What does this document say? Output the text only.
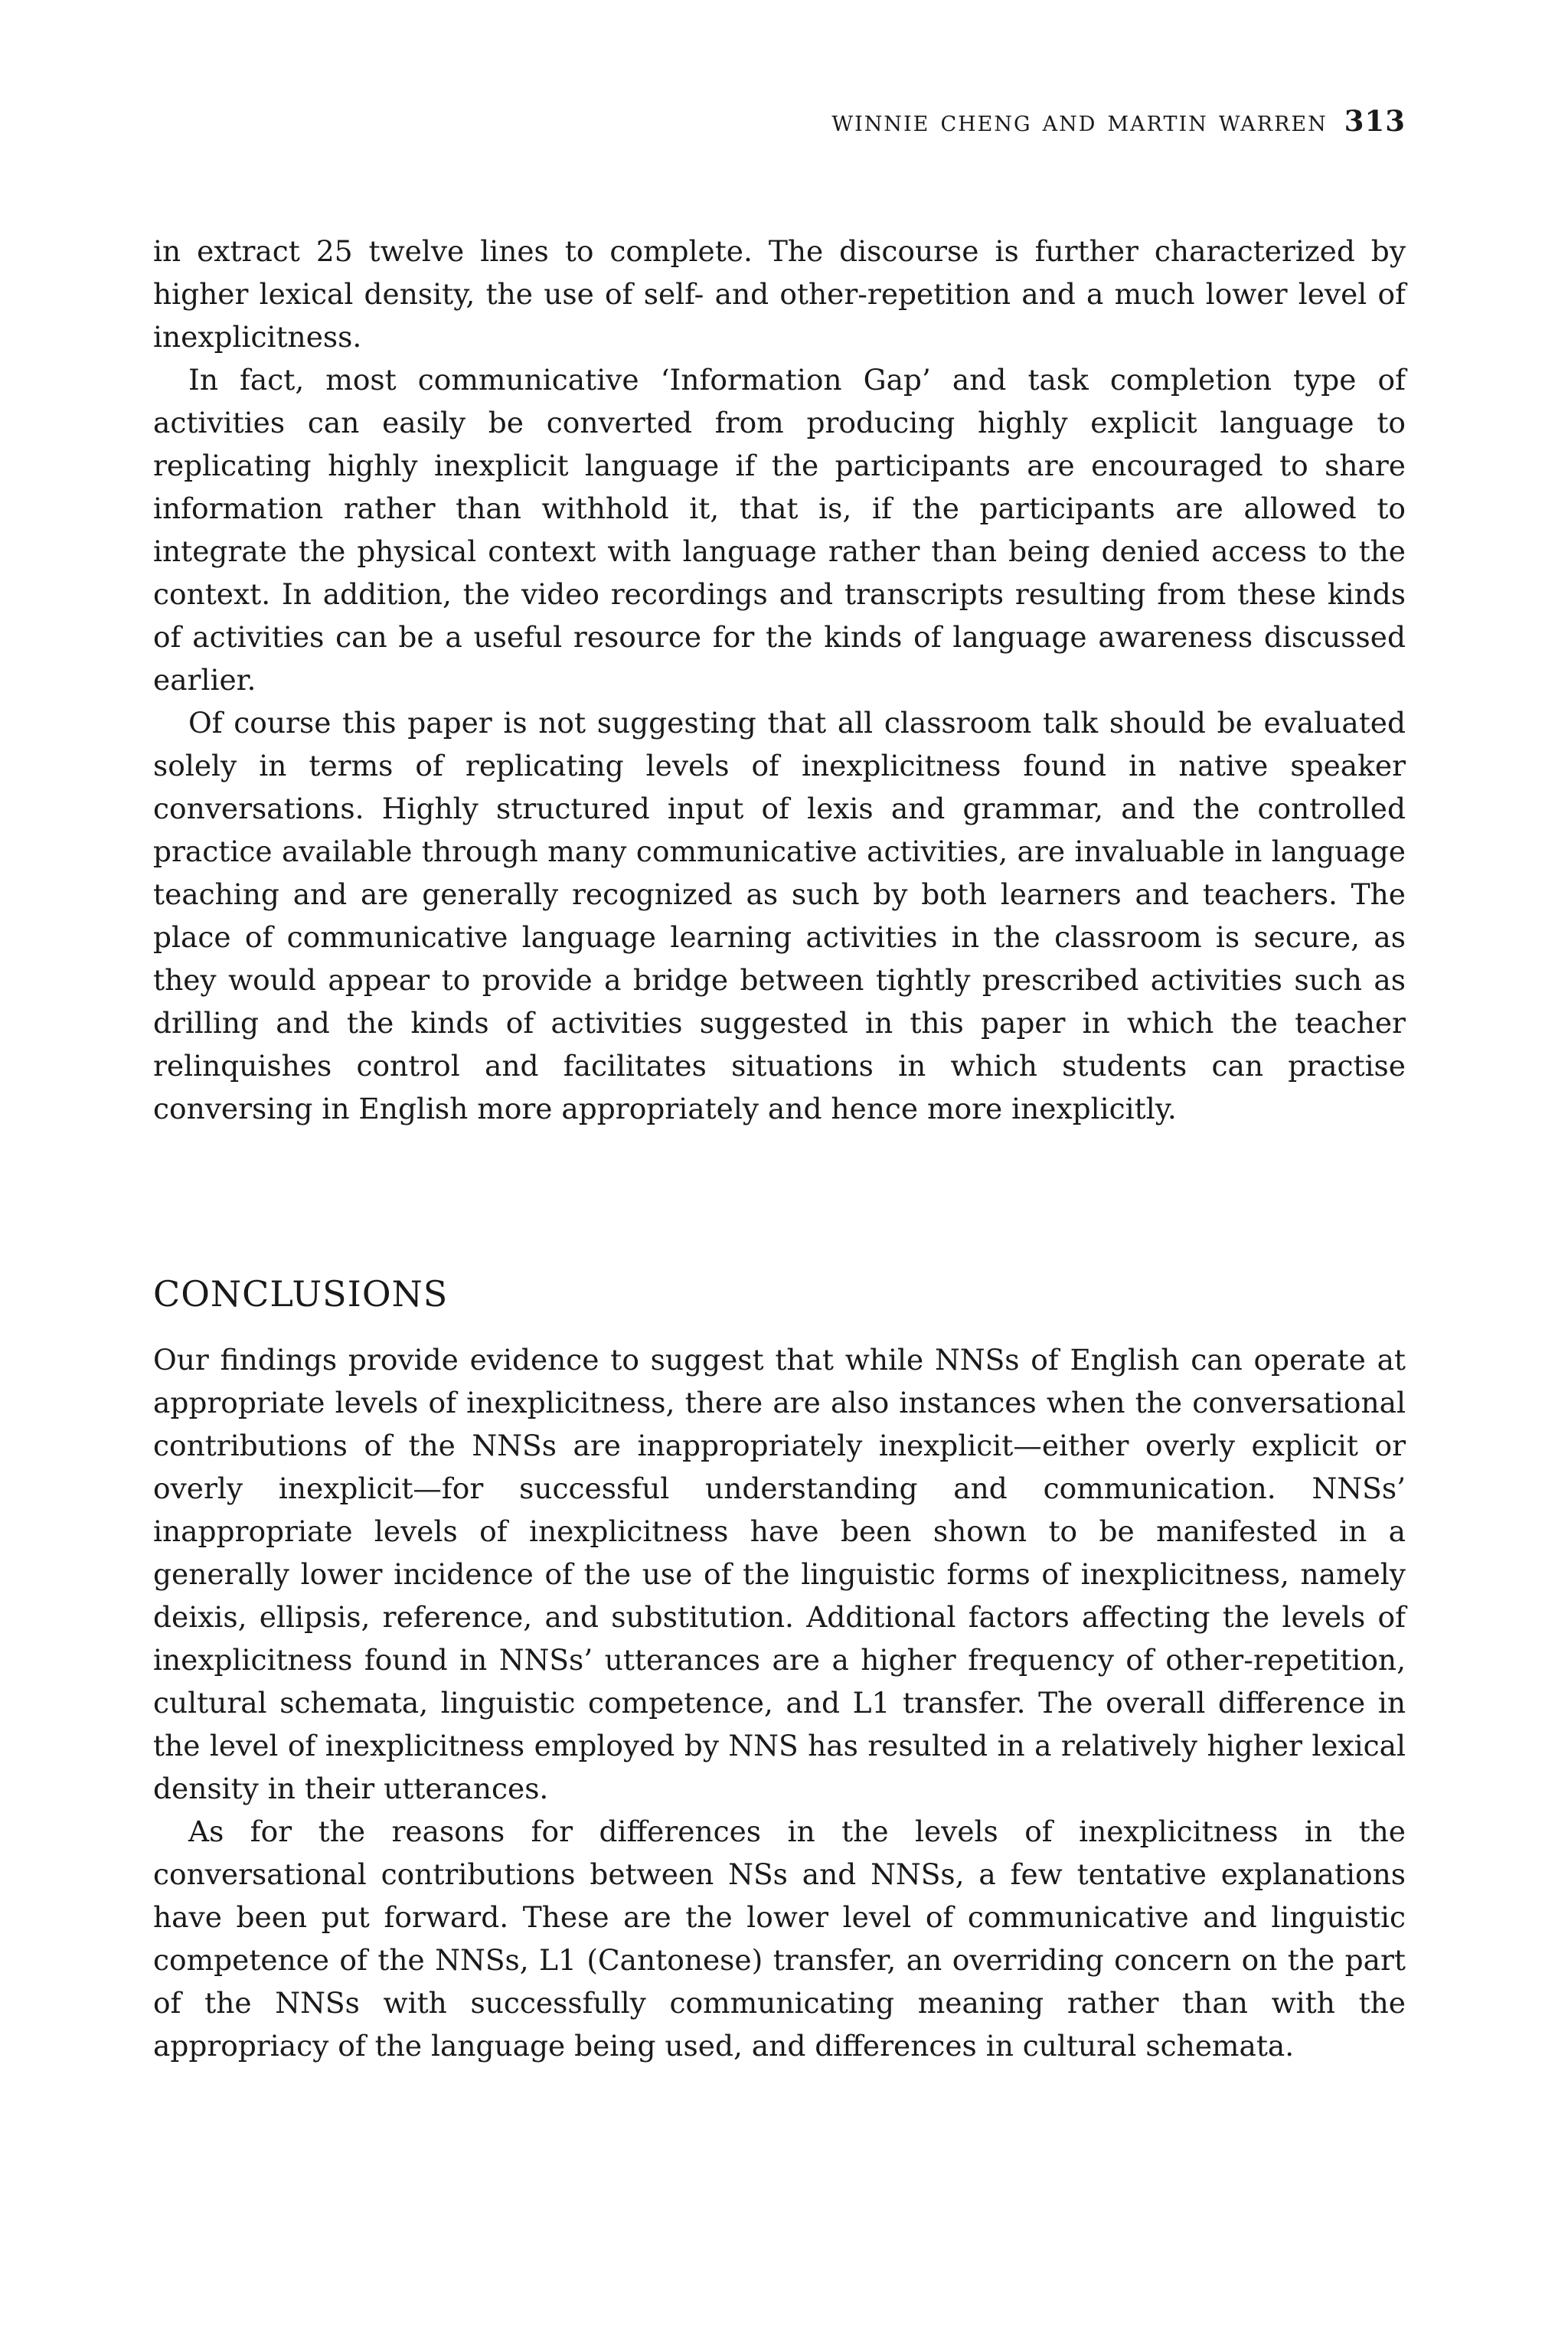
winnie cheng and martin warren 313

in extract 25 twelve lines to complete. The discourse is further characterized by higher lexical density, the use of self- and other-repetition and a much lower level of inexplicitness.

In fact, most communicative ‘Information Gap’ and task completion type of activities can easily be converted from producing highly explicit language to replicating highly inexplicit language if the participants are encouraged to share information rather than withhold it, that is, if the participants are allowed to integrate the physical context with language rather than being denied access to the context. In addition, the video recordings and transcripts resulting from these kinds of activities can be a useful resource for the kinds of language awareness discussed earlier.

Of course this paper is not suggesting that all classroom talk should be evaluated solely in terms of replicating levels of inexplicitness found in native speaker conversations. Highly structured input of lexis and grammar, and the controlled practice available through many communicative activities, are invaluable in language teaching and are generally recognized as such by both learners and teachers. The place of communicative language learning activities in the classroom is secure, as they would appear to provide a bridge between tightly prescribed activities such as drilling and the kinds of activities suggested in this paper in which the teacher relinquishes control and facilitates situations in which students can practise conversing in English more appropriately and hence more inexplicitly.

CONCLUSIONS

Our findings provide evidence to suggest that while NNSs of English can operate at appropriate levels of inexplicitness, there are also instances when the conversational contributions of the NNSs are inappropriately inexplicit—either overly explicit or overly inexplicit—for successful understanding and communication. NNSs’ inappropriate levels of inexplicitness have been shown to be manifested in a generally lower incidence of the use of the linguistic forms of inexplicitness, namely deixis, ellipsis, reference, and substitution. Additional factors affecting the levels of inexplicitness found in NNSs’ utterances are a higher frequency of other-repetition, cultural schemata, linguistic competence, and L1 transfer. The overall difference in the level of inexplicitness employed by NNS has resulted in a relatively higher lexical density in their utterances.

As for the reasons for differences in the levels of inexplicitness in the conversational contributions between NSs and NNSs, a few tentative explanations have been put forward. These are the lower level of communicative and linguistic competence of the NNSs, L1 (Cantonese) transfer, an overriding concern on the part of the NNSs with successfully communicating meaning rather than with the appropriacy of the language being used, and differences in cultural schemata.
